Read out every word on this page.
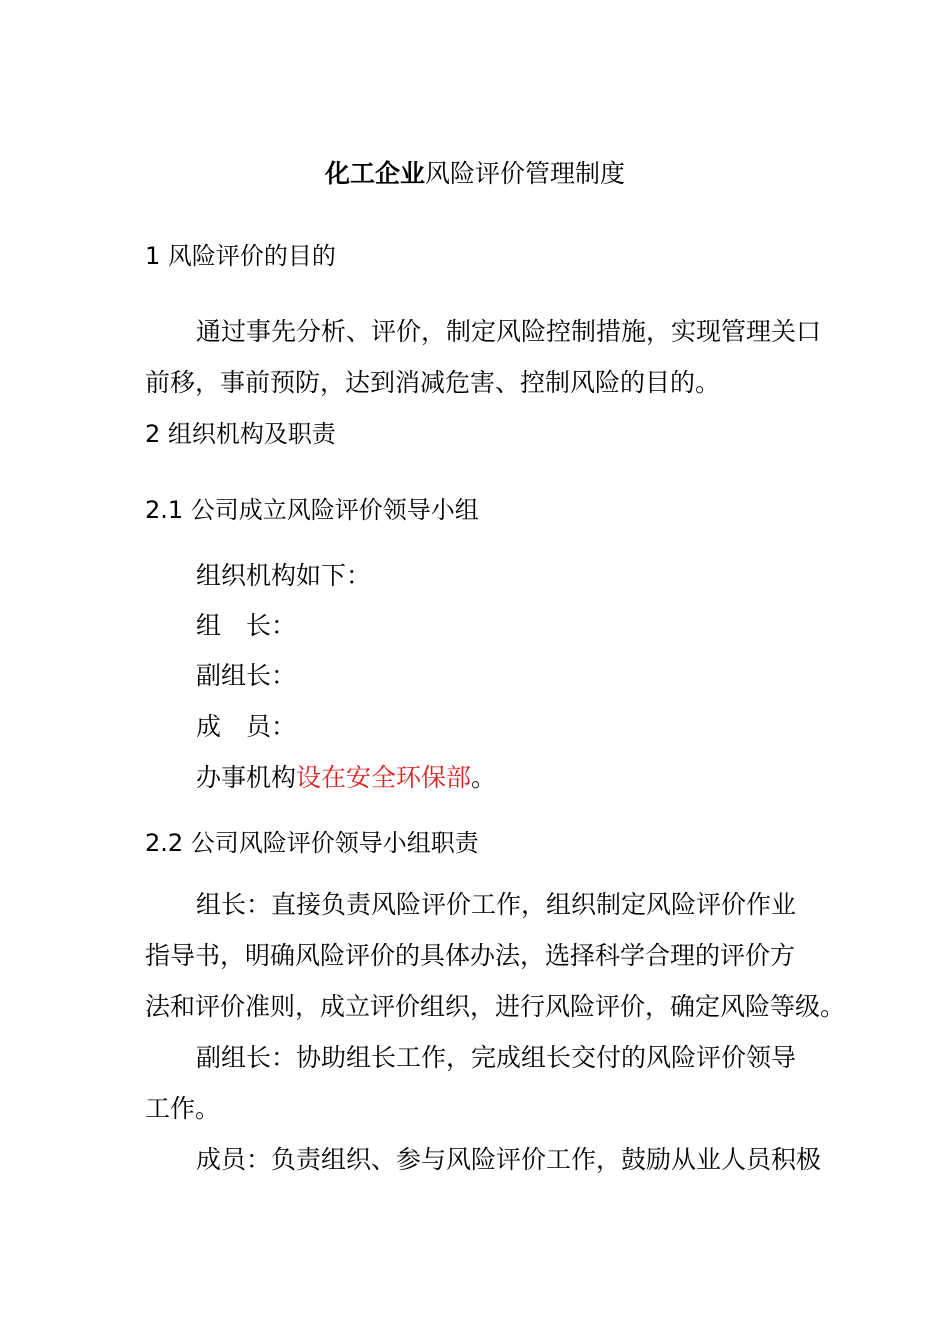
化工企业风险评价管理制度
1 风险评价的目的
通过事先分析、评价，制定风险控制措施，实现管理关口
前移，事前预防，达到消减危害、控制风险的目的。
2 组织机构及职责
2.1 公司成立风险评价领导小组
组织机构如下：
组　长：
副组长：
成　员：
办事机构设在安全环保部。
2.2 公司风险评价领导小组职责
组长：直接负责风险评价工作，组织制定风险评价作业
指导书，明确风险评价的具体办法，选择科学合理的评价方
法和评价准则，成立评价组织，进行风险评价，确定风险等级。
副组长：协助组长工作，完成组长交付的风险评价领导
工作。
成员：负责组织、参与风险评价工作，鼓励从业人员积极
